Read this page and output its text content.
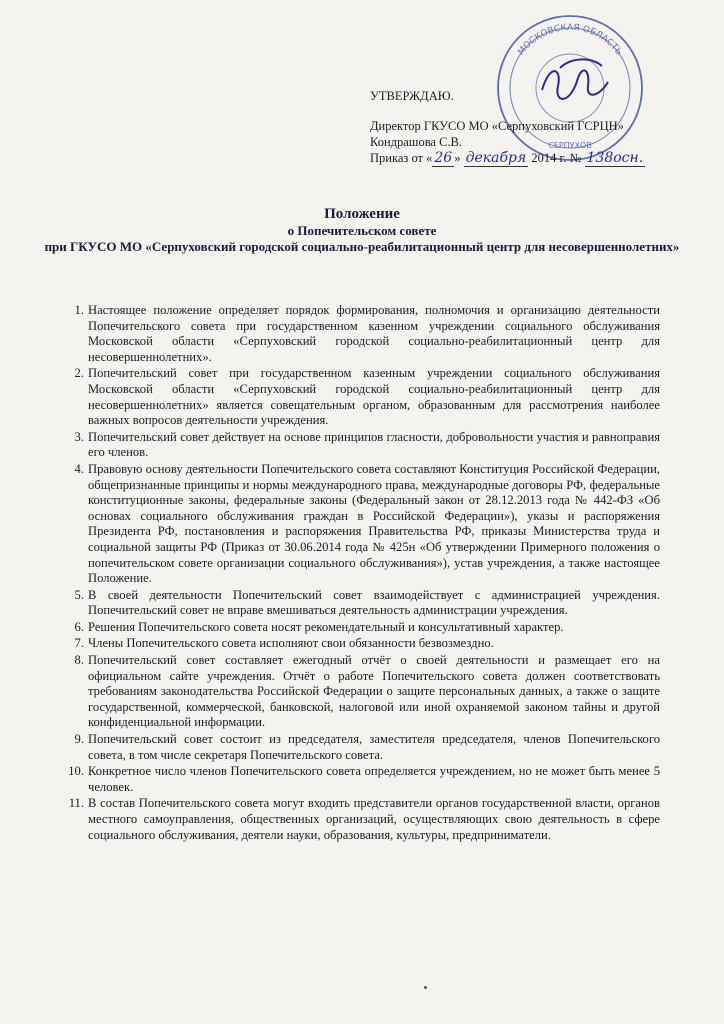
МОСКОВСКАЯ ОБЛАСТЬ
СЕРПУХОВ
УТВЕРЖДАЮ.
Директор ГКУСО МО «Серпуховский ГСРЦН»
Кондрашова С.В.
Приказ от « 26 » декабря 2014 г. № 138осн.
Положение
о Попечительском совете
при ГКУСО МО «Серпуховский городской социально-реабилитационный центр для несовершеннолетних»
1. Настоящее положение определяет порядок формирования, полномочия и организацию деятельности Попечительского совета при государственном казенном учреждении социального обслуживания Московской области «Серпуховский городской социально-реабилитационный центр для несовершеннолетних».
2. Попечительский совет при государственном казенным учреждении социального обслуживания Московской области «Серпуховский городской социально-реабилитационный центр для несовершеннолетних» является совещательным органом, образованным для рассмотрения наиболее важных вопросов деятельности учреждения.
3. Попечительский совет действует на основе принципов гласности, добровольности участия и равноправия его членов.
4. Правовую основу деятельности Попечительского совета составляют Конституция Российской Федерации, общепризнанные принципы и нормы международного права, международные договоры РФ, федеральные конституционные законы, федеральные законы (Федеральный закон от 28.12.2013 года № 442-ФЗ «Об основах социального обслуживания граждан в Российской Федерации»), указы и распоряжения Президента РФ, постановления и распоряжения Правительства РФ, приказы Министерства труда и социальной защиты РФ (Приказ от 30.06.2014 года № 425н «Об утверждении Примерного положения о попечительском совете организации социального обслуживания»), устав учреждения, а также настоящее Положение.
5. В своей деятельности Попечительский совет взаимодействует с администрацией учреждения. Попечительский совет не вправе вмешиваться деятельность администрации учреждения.
6. Решения Попечительского совета носят рекомендательный и консультативный характер.
7. Члены Попечительского совета исполняют свои обязанности безвозмездно.
8. Попечительский совет составляет ежегодный отчёт о своей деятельности и размещает его на официальном сайте учреждения. Отчёт о работе Попечительского совета должен соответствовать требованиям законодательства Российской Федерации о защите персональных данных, а также о защите государственной, коммерческой, банковской, налоговой или иной охраняемой законом тайны и другой конфиденциальной информации.
9. Попечительский совет состоит из председателя, заместителя председателя, членов Попечительского совета, в том числе секретаря Попечительского совета.
10. Конкретное число членов Попечительского совета определяется учреждением, но не может быть менее 5 человек.
11. В состав Попечительского совета могут входить представители органов государственной власти, органов местного самоуправления, общественных организаций, осуществляющих свою деятельность в сфере социального обслуживания, деятели науки, образования, культуры, предприниматели.
